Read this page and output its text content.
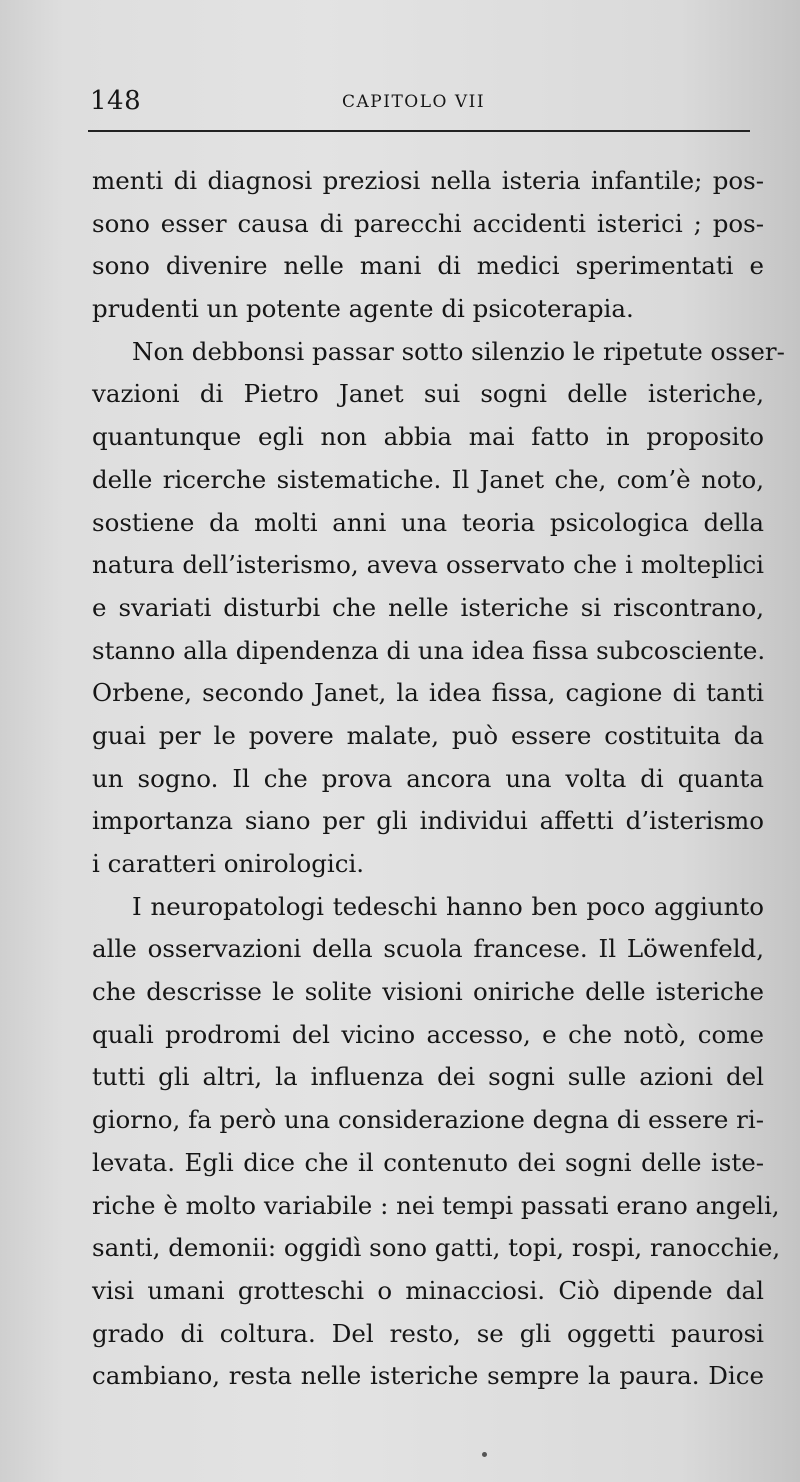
148	CAPITOLO VII
menti di diagnosi preziosi nella isteria infantile; pos-
sono esser causa di parecchi accidenti isterici ; pos-
sono divenire nelle mani di medici sperimentati e
prudenti un potente agente di psicoterapia.
Non debbonsi passar sotto silenzio le ripetute osser-
vazioni di Pietro Janet sui sogni delle isteriche,
quantunque egli non abbia mai fatto in proposito
delle ricerche sistematiche. Il Janet che, com’è noto,
sostiene da molti anni una teoria psicologica della
natura dell’isterismo, aveva osservato che i molteplici
e svariati disturbi che nelle isteriche si riscontrano,
stanno alla dipendenza di una idea fissa subcosciente.
Orbene, secondo Janet, la idea fissa, cagione di tanti
guai per le povere malate, può essere costituita da
un sogno. Il che prova ancora una volta di quanta
importanza siano per gli individui affetti d’isterismo
i caratteri onirologici.
I neuropatologi tedeschi hanno ben poco aggiunto
alle osservazioni della scuola francese. Il Löwenfeld,
che descrisse le solite visioni oniriche delle isteriche
quali prodromi del vicino accesso, e che notò, come
tutti gli altri, la influenza dei sogni sulle azioni del
giorno, fa però una considerazione degna di essere ri-
levata. Egli dice che il contenuto dei sogni delle iste-
riche è molto variabile : nei tempi passati erano angeli,
santi, demonii: oggidì sono gatti, topi, rospi, ranocchie,
visi umani grotteschi o minacciosi. Ciò dipende dal
grado di coltura. Del resto, se gli oggetti paurosi
cambiano, resta nelle isteriche sempre la paura. Dice
